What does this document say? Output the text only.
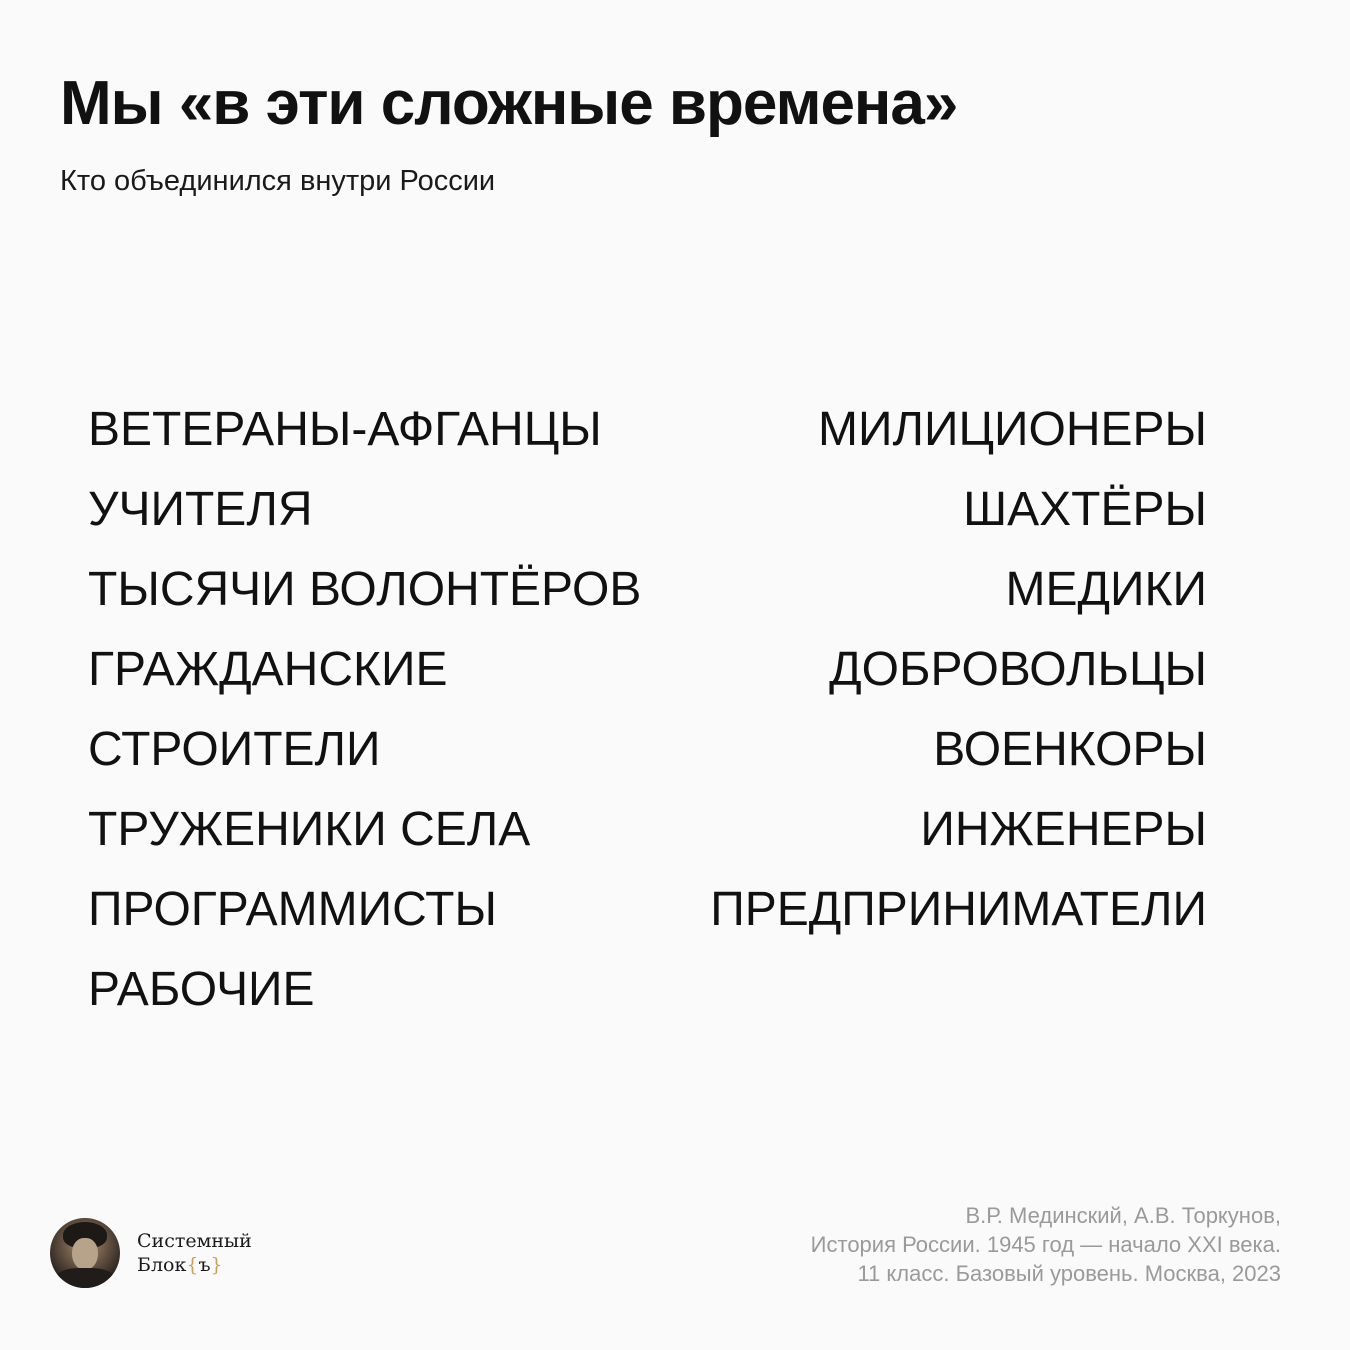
Мы «в эти сложные времена»

Кто объединился внутри России

ВЕТЕРАНЫ-АФГАНЦЫ
УЧИТЕЛЯ
ТЫСЯЧИ ВОЛОНТЁРОВ
ГРАЖДАНСКИЕ
СТРОИТЕЛИ
ТРУЖЕНИКИ СЕЛА
ПРОГРАММИСТЫ
РАБОЧИЕ
МИЛИЦИОНЕРЫ
ШАХТЁРЫ
МЕДИКИ
ДОБРОВОЛЬЦЫ
ВОЕНКОРЫ
ИНЖЕНЕРЫ
ПРЕДПРИНИМАТЕЛИ
Системный
Блок{ъ}
В.Р. Мединский, А.В. Торкунов,
История России. 1945 год — начало XXI века.
11 класс. Базовый уровень. Москва, 2023
